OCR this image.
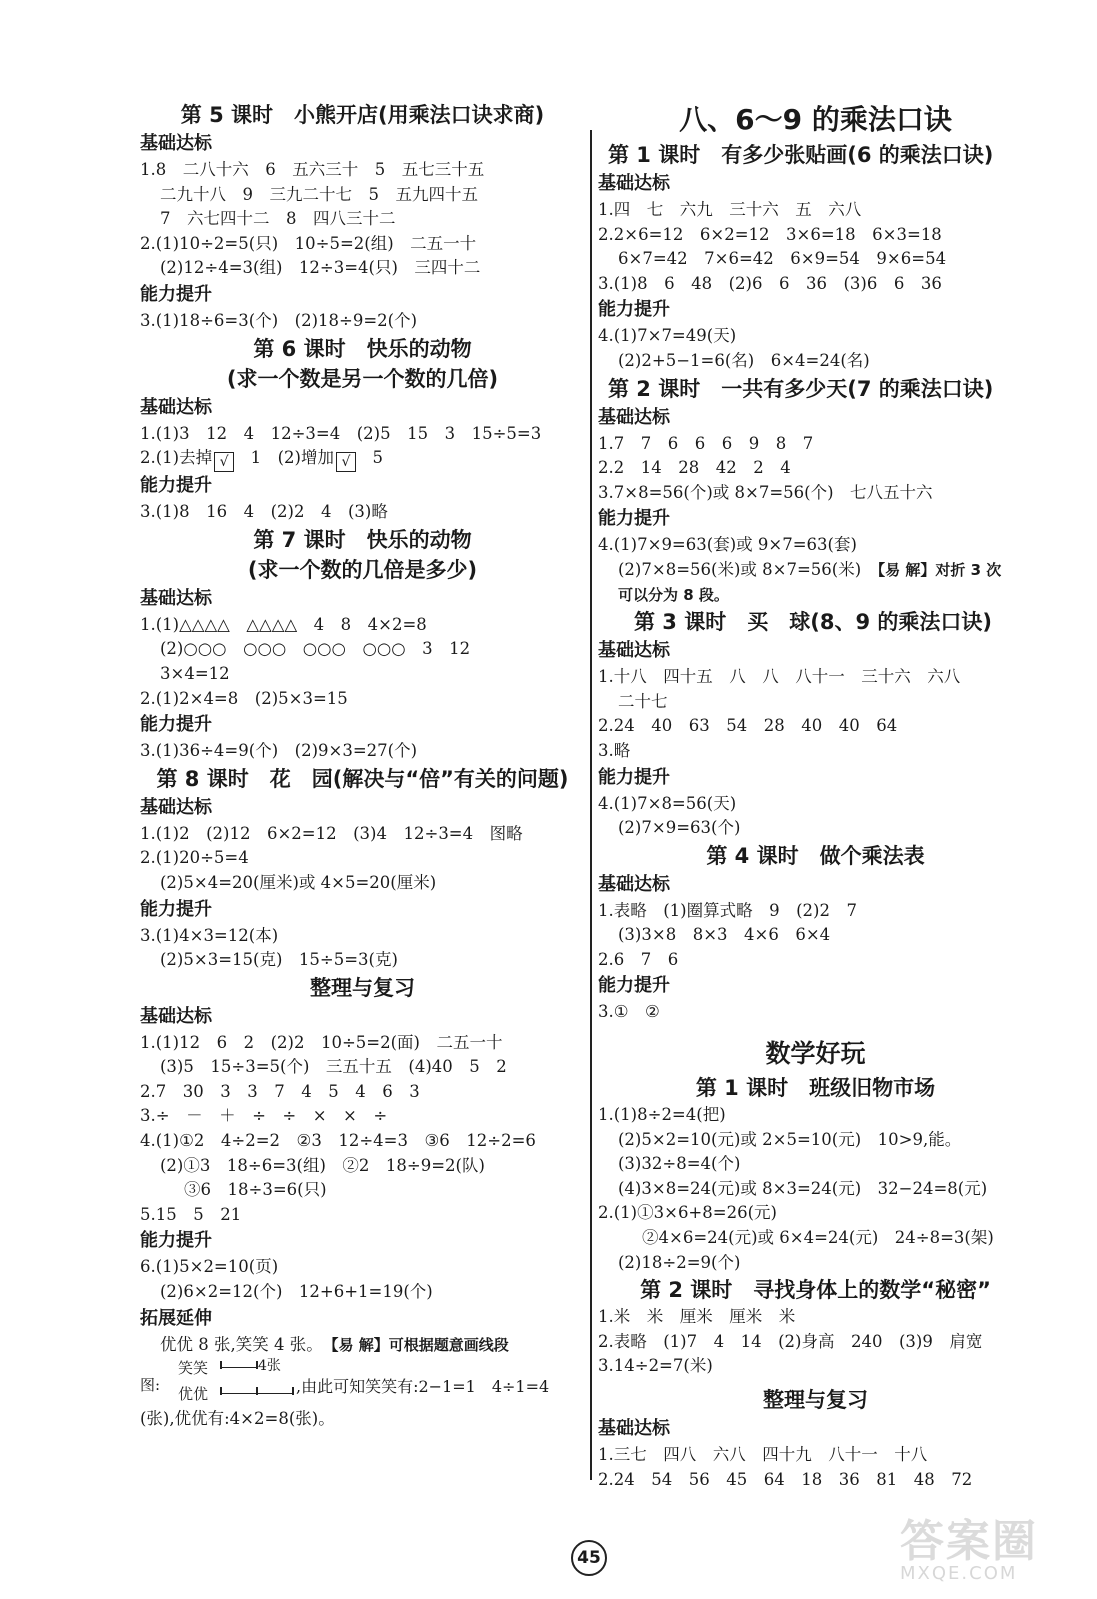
第 5 课时　小熊开店(用乘法口诀求商)
基础达标
1.8　二八十六　6　五六三十　5　五七三十五
二九十八　9　三九二十七　5　五九四十五
7　六七四十二　8　四八三十二
2.(1)10÷2=5(只)　10÷5=2(组)　二五一十
(2)12÷4=3(组)　12÷3=4(只)　三四十二
能力提升
3.(1)18÷6=3(个)　(2)18÷9=2(个)
第 6 课时　快乐的动物
(求一个数是另一个数的几倍)
基础达标
1.(1)3　12　4　12÷3=4　(2)5　15　3　15÷5=3
2.(1)去掉 √　1　(2)增加 √　5
能力提升
3.(1)8　16　4　(2)2　4　(3)略
第 7 课时　快乐的动物
(求一个数的几倍是多少)
基础达标
1.(1)△△△△　△△△△　4　8　4×2=8
(2)○○○　○○○　○○○　○○○　3　12
3×4=12
2.(1)2×4=8　(2)5×3=15
能力提升
3.(1)36÷4=9(个)　(2)9×3=27(个)
第 8 课时　花　园(解决与“倍”有关的问题)
基础达标
1.(1)2　(2)12　6×2=12　(3)4　12÷3=4　图略
2.(1)20÷5=4
(2)5×4=20(厘米)或 4×5=20(厘米)
能力提升
3.(1)4×3=12(本)
(2)5×3=15(克)　15÷5=3(克)
整理与复习
基础达标
1.(1)12　6　2　(2)2　10÷5=2(面)　二五一十
(3)5　15÷3=5(个)　三五十五　(4)40　5　2
2.7　30　3　3　7　4　5　4　6　3
3.÷　－　＋　÷　÷　×　×　÷
4.(1)①2　4÷2=2　②3　12÷4=3　③6　12÷2=6
(2)①3　18÷6=3(组)　②2　18÷9=2(队)
③6　18÷3=6(只)
5.15　5　21
能力提升
6.(1)5×2=10(页)
(2)6×2=12(个)　12+6+1=19(个)
拓展延伸
优优 8 张,笑笑 4 张。　 【易 解】可根据题意画线段
图:
笑笑
优优
4张
,由此可知笑笑有:2−1=1　4÷1=4
(张),优优有:4×2=8(张)。
八、6～9 的乘法口诀
第 1 课时　有多少张贴画(6 的乘法口诀)
基础达标
1.四　七　六九　三十六　五　六八
2.2×6=12　6×2=12　3×6=18　6×3=18
6×7=42　7×6=42　6×9=54　9×6=54
3.(1)8　6　48　(2)6　6　36　(3)6　6　36
能力提升
4.(1)7×7=49(天)
(2)2+5−1=6(名)　6×4=24(名)
第 2 课时　一共有多少天(7 的乘法口诀)
基础达标
1.7　7　6　6　6　9　8　7
2.2　14　28　42　2　4
3.7×8=56(个)或 8×7=56(个)　七八五十六
能力提升
4.(1)7×9=63(套)或 9×7=63(套)
(2)7×8=56(米)或 8×7=56(米)　 【易 解】对折 3 次
可以分为 8 段。
第 3 课时　买　球(8、9 的乘法口诀)
基础达标
1.十八　四十五　八　八　八十一　三十六　六八
二十七
2.24　40　63　54　28　40　40　64
3.略
能力提升
4.(1)7×8=56(天)
(2)7×9=63(个)
第 4 课时　做个乘法表
基础达标
1.表略　(1)圈算式略　9　(2)2　7
(3)3×8　8×3　4×6　6×4
2.6　7　6
能力提升
3.①　②
数学好玩
第 1 课时　班级旧物市场
1.(1)8÷2=4(把)
(2)5×2=10(元)或 2×5=10(元)　10>9,能。
(3)32÷8=4(个)
(4)3×8=24(元)或 8×3=24(元)　32−24=8(元)
2.(1)①3×6+8=26(元)
②4×6=24(元)或 6×4=24(元)　24÷8=3(架)
(2)18÷2=9(个)
第 2 课时　寻找身体上的数学“秘密”
1.米　米　厘米　厘米　米
2.表略　(1)7　4　14　(2)身高　240　(3)9　肩宽
3.14÷2=7(米)
整理与复习
基础达标
1.三七　四八　六八　四十九　八十一　十八
2.24　54　56　45　64　18　36　81　48　72
45	答案圈
MXQE.COM
